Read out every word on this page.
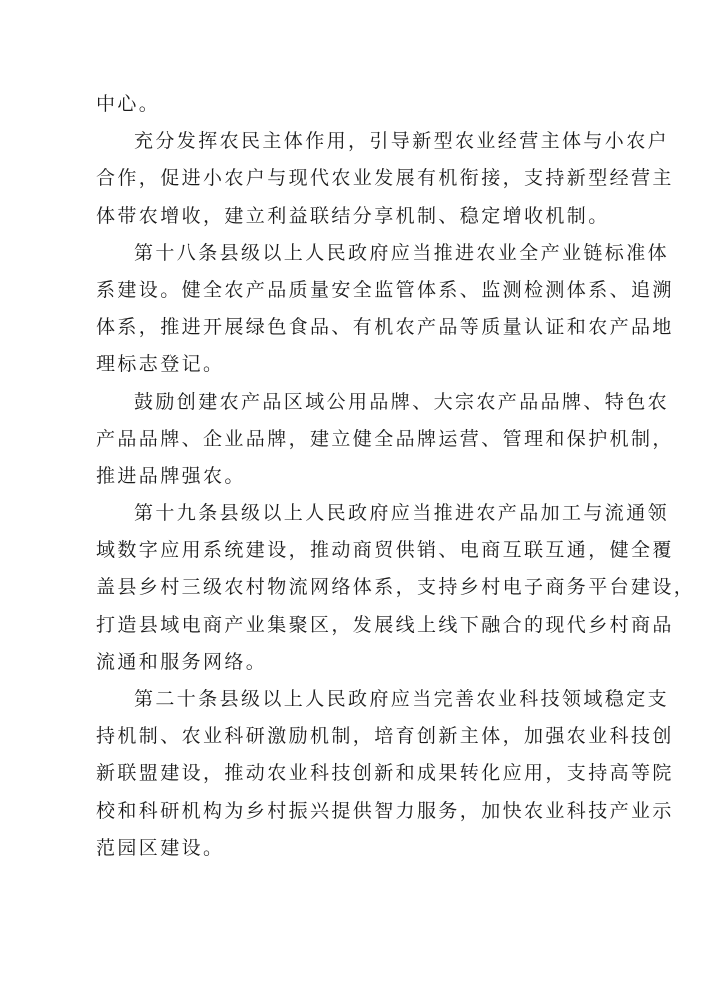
中心。
充分发挥农民主体作用，引导新型农业经营主体与小农户
合作，促进小农户与现代农业发展有机衔接，支持新型经营主
体带农增收，建立利益联结分享机制、稳定增收机制。
第十八条县级以上人民政府应当推进农业全产业链标准体
系建设。健全农产品质量安全监管体系、监测检测体系、追溯
体系，推进开展绿色食品、有机农产品等质量认证和农产品地
理标志登记。
鼓励创建农产品区域公用品牌、大宗农产品品牌、特色农
产品品牌、企业品牌，建立健全品牌运营、管理和保护机制，
推进品牌强农。
第十九条县级以上人民政府应当推进农产品加工与流通领
域数字应用系统建设，推动商贸供销、电商互联互通，健全覆
盖县乡村三级农村物流网络体系，支持乡村电子商务平台建设，
打造县域电商产业集聚区，发展线上线下融合的现代乡村商品
流通和服务网络。
第二十条县级以上人民政府应当完善农业科技领域稳定支
持机制、农业科研激励机制，培育创新主体，加强农业科技创
新联盟建设，推动农业科技创新和成果转化应用，支持高等院
校和科研机构为乡村振兴提供智力服务，加快农业科技产业示
范园区建设。
